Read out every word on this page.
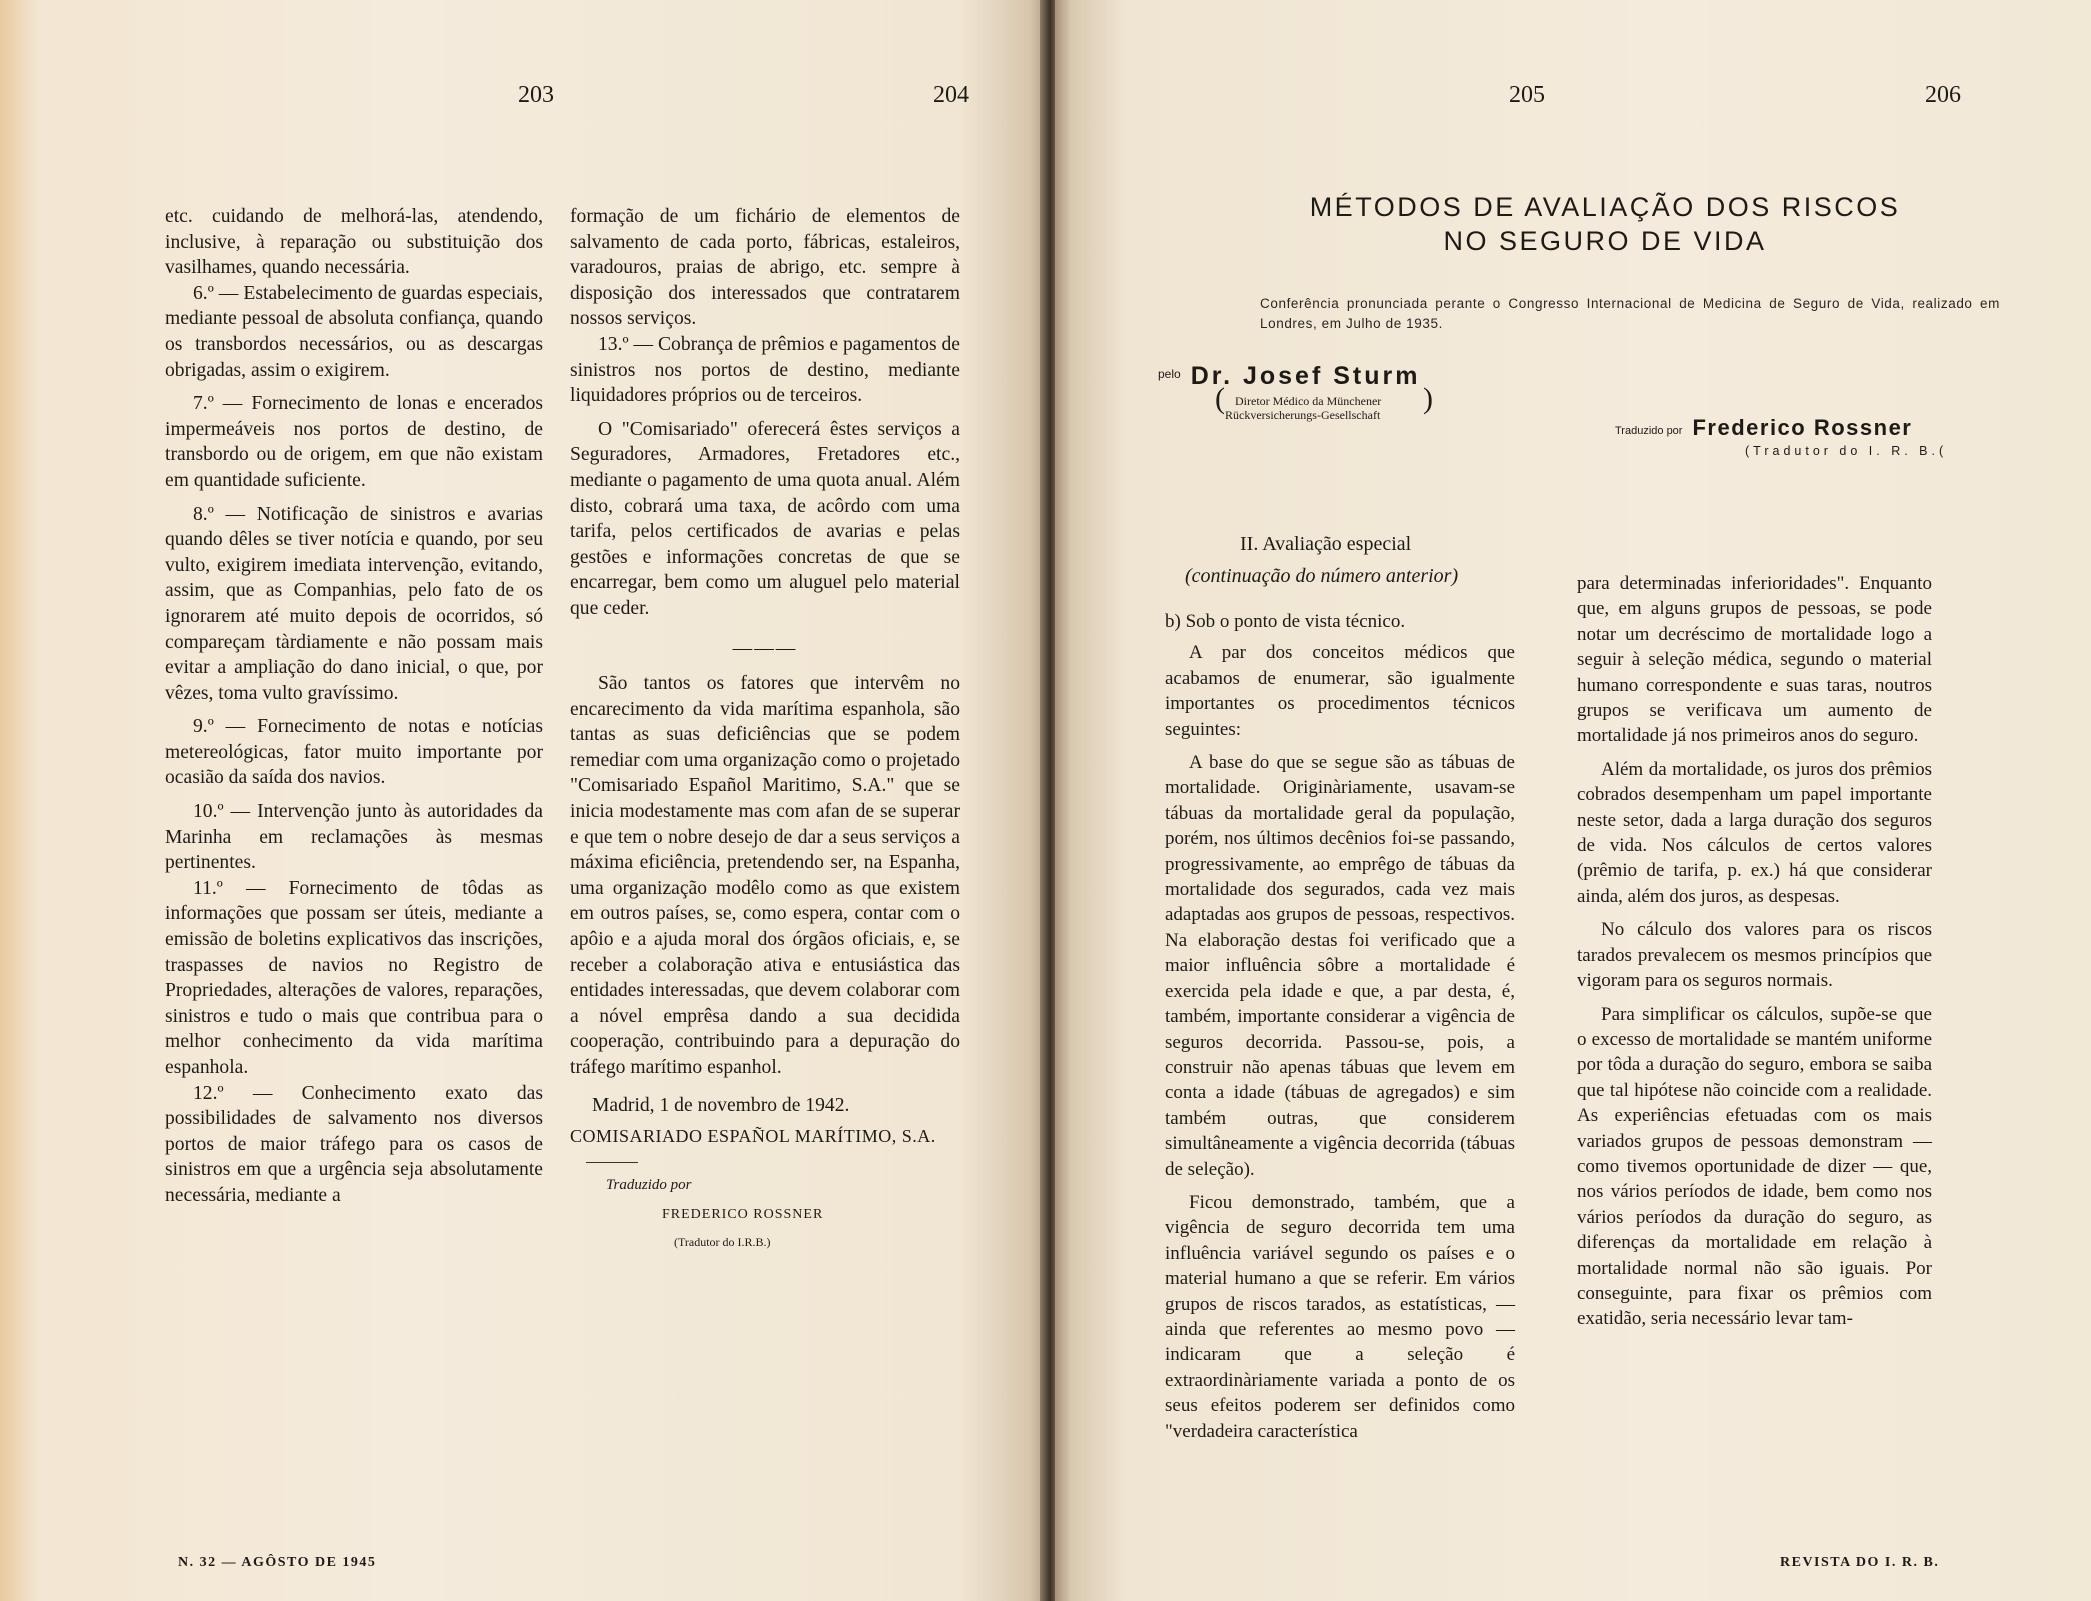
203	204

etc. cuidando de melhorá-las, atendendo, inclusive, à reparação ou substituição dos vasilhames, quando necessária.

6.º — Estabelecimento de guardas especiais, mediante pessoal de absoluta confiança, quando os transbordos necessários, ou as descargas obrigadas, assim o exigirem.

7.º — Fornecimento de lonas e encerados impermeáveis nos portos de destino, de transbordo ou de origem, em que não existam em quantidade suficiente.

8.º — Notificação de sinistros e avarias quando dêles se tiver notícia e quando, por seu vulto, exigirem imediata intervenção, evitando, assim, que as Companhias, pelo fato de os ignorarem até muito depois de ocorridos, só compareçam tàrdiamente e não possam mais evitar a ampliação do dano inicial, o que, por vêzes, toma vulto gravíssimo.

9.º — Fornecimento de notas e notícias metereológicas, fator muito importante por ocasião da saída dos navios.

10.º — Intervenção junto às autoridades da Marinha em reclamações às mesmas pertinentes.

11.º — Fornecimento de tôdas as informações que possam ser úteis, mediante a emissão de boletins explicativos das inscrições, traspasses de navios no Registro de Propriedades, alterações de valores, reparações, sinistros e tudo o mais que contribua para o melhor conhecimento da vida marítima espanhola.

12.º — Conhecimento exato das possibilidades de salvamento nos diversos portos de maior tráfego para os casos de sinistros em que a urgência seja absolutamente necessária, mediante a

formação de um fichário de elementos de salvamento de cada porto, fábricas, estaleiros, varadouros, praias de abrigo, etc. sempre à disposição dos interessados que contratarem nossos serviços.

13.º — Cobrança de prêmios e pagamentos de sinistros nos portos de destino, mediante liquidadores próprios ou de terceiros.

O "Comisariado" oferecerá êstes serviços a Seguradores, Armadores, Fretadores etc., mediante o pagamento de uma quota anual. Além disto, cobrará uma taxa, de acôrdo com uma tarifa, pelos certificados de avarias e pelas gestões e informações concretas de que se encarregar, bem como um aluguel pelo material que ceder.

———

São tantos os fatores que intervêm no encarecimento da vida marítima espanhola, são tantas as suas deficiências que se podem remediar com uma organização como o projetado "Comisariado Español Maritimo, S.A." que se inicia modestamente mas com afan de se superar e que tem o nobre desejo de dar a seus serviços a máxima eficiência, pretendendo ser, na Espanha, uma organização modêlo como as que existem em outros países, se, como espera, contar com o apôio e a ajuda moral dos órgãos oficiais, e, se receber a colaboração ativa e entusiástica das entidades interessadas, que devem colaborar com a nóvel emprêsa dando a sua decidida cooperação, contribuindo para a depuração do tráfego marítimo espanhol.

Madrid, 1 de novembro de 1942.

COMISARIADO ESPAÑOL MARÍTIMO, S.A.

Traduzido por
FREDERICO ROSSNER
(Tradutor do I.R.B.)
N. 32 — AGÔSTO DE 1945
205	206
MÉTODOS DE AVALIAÇÃO DOS RISCOS
NO SEGURO DE VIDA
Conferência pronunciada perante o Congresso Internacional de Medicina de Seguro de Vida, realizado em Londres, em Julho de 1935.
$^{pelo}$ Dr. Josef Sturm
( Diretor Médico da Münchener
Rückversicherungs-Gesellschaft )
Traduzido por Frederico Rossner
(Tradutor do I. R. B.(
II. Avaliação especial
(continuação do número anterior)

b) Sob o ponto de vista técnico.

A par dos conceitos médicos que acabamos de enumerar, são igualmente importantes os procedimentos técnicos seguintes:

A base do que se segue são as tábuas de mortalidade. Originàriamente, usavam-se tábuas da mortalidade geral da população, porém, nos últimos decênios foi-se passando, progressivamente, ao emprêgo de tábuas da mortalidade dos segurados, cada vez mais adaptadas aos grupos de pessoas, respectivos. Na elaboração destas foi verificado que a maior influência sôbre a mortalidade é exercida pela idade e que, a par desta, é, também, importante considerar a vigência de seguros decorrida. Passou-se, pois, a construir não apenas tábuas que levem em conta a idade (tábuas de agregados) e sim também outras, que considerem simultâneamente a vigência decorrida (tábuas de seleção).

Ficou demonstrado, também, que a vigência de seguro decorrida tem uma influência variável segundo os países e o material humano a que se referir. Em vários grupos de riscos tarados, as estatísticas, — ainda que referentes ao mesmo povo — indicaram que a seleção é extraordinàriamente variada a ponto de os seus efeitos poderem ser definidos como "verdadeira característica

para determinadas inferioridades". Enquanto que, em alguns grupos de pessoas, se pode notar um decréscimo de mortalidade logo a seguir à seleção médica, segundo o material humano correspondente e suas taras, noutros grupos se verificava um aumento de mortalidade já nos primeiros anos do seguro.

Além da mortalidade, os juros dos prêmios cobrados desempenham um papel importante neste setor, dada a larga duração dos seguros de vida. Nos cálculos de certos valores (prêmio de tarifa, p. ex.) há que considerar ainda, além dos juros, as despesas.

No cálculo dos valores para os riscos tarados prevalecem os mesmos princípios que vigoram para os seguros normais.

Para simplificar os cálculos, supõe-se que o excesso de mortalidade se mantém uniforme por tôda a duração do seguro, embora se saiba que tal hipótese não coincide com a realidade. As experiências efetuadas com os mais variados grupos de pessoas demonstram — como tivemos oportunidade de dizer — que, nos vários períodos de idade, bem como nos vários períodos da duração do seguro, as diferenças da mortalidade em relação à mortalidade normal não são iguais. Por conseguinte, para fixar os prêmios com exatidão, seria necessário levar tam-

REVISTA DO I. R. B.
